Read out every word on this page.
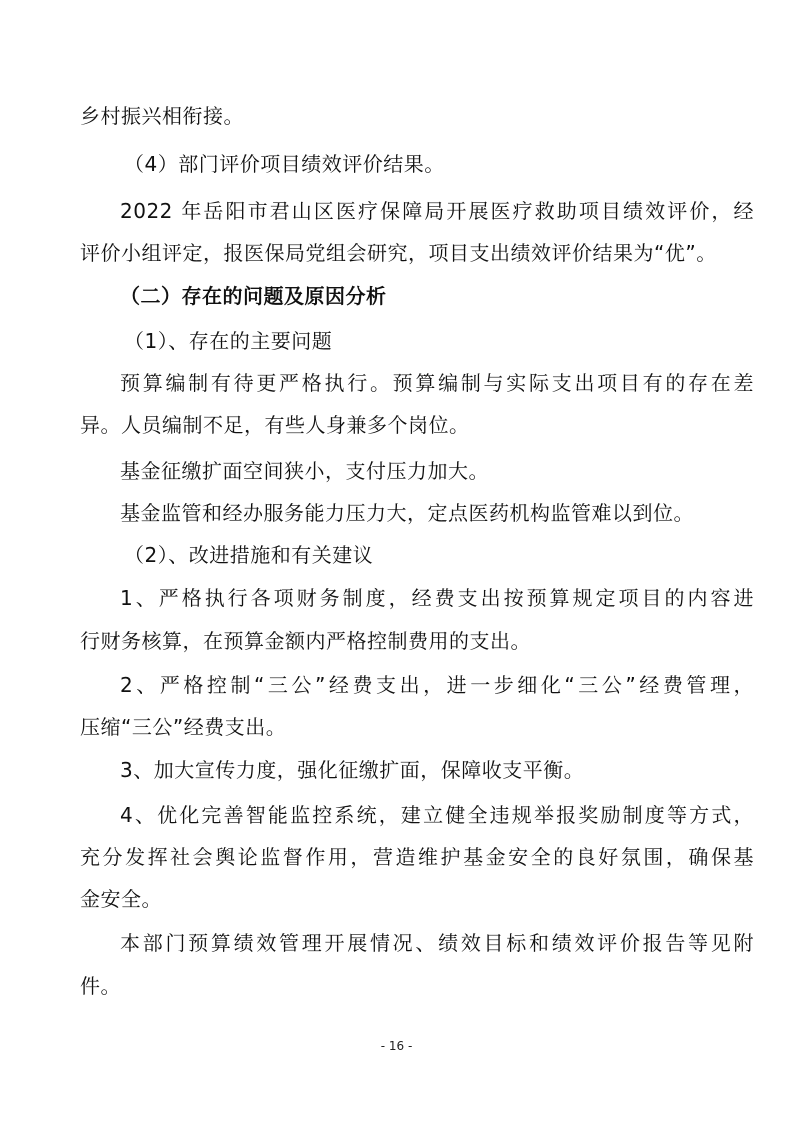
乡村振兴相衔接。
（4）部门评价项目绩效评价结果。
2022 年岳阳市君山区医疗保障局开展医疗救助项目绩效评价，经
评价小组评定，报医保局党组会研究，项目支出绩效评价结果为“优”。
（二）存在的问题及原因分析
（1）、存在的主要问题
预算编制有待更严格执行。预算编制与实际支出项目有的存在差
异。人员编制不足，有些人身兼多个岗位。
基金征缴扩面空间狭小，支付压力加大。
基金监管和经办服务能力压力大，定点医药机构监管难以到位。
（2）、改进措施和有关建议
1、严格执行各项财务制度，经费支出按预算规定项目的内容进
行财务核算，在预算金额内严格控制费用的支出。
2、严格控制“三公”经费支出，进一步细化“三公”经费管理，
压缩“三公”经费支出。
3、加大宣传力度，强化征缴扩面，保障收支平衡。
4、优化完善智能监控系统，建立健全违规举报奖励制度等方式，
充分发挥社会舆论监督作用，营造维护基金安全的良好氛围，确保基
金安全。
本部门预算绩效管理开展情况、绩效目标和绩效评价报告等见附
件。
- 16 -
